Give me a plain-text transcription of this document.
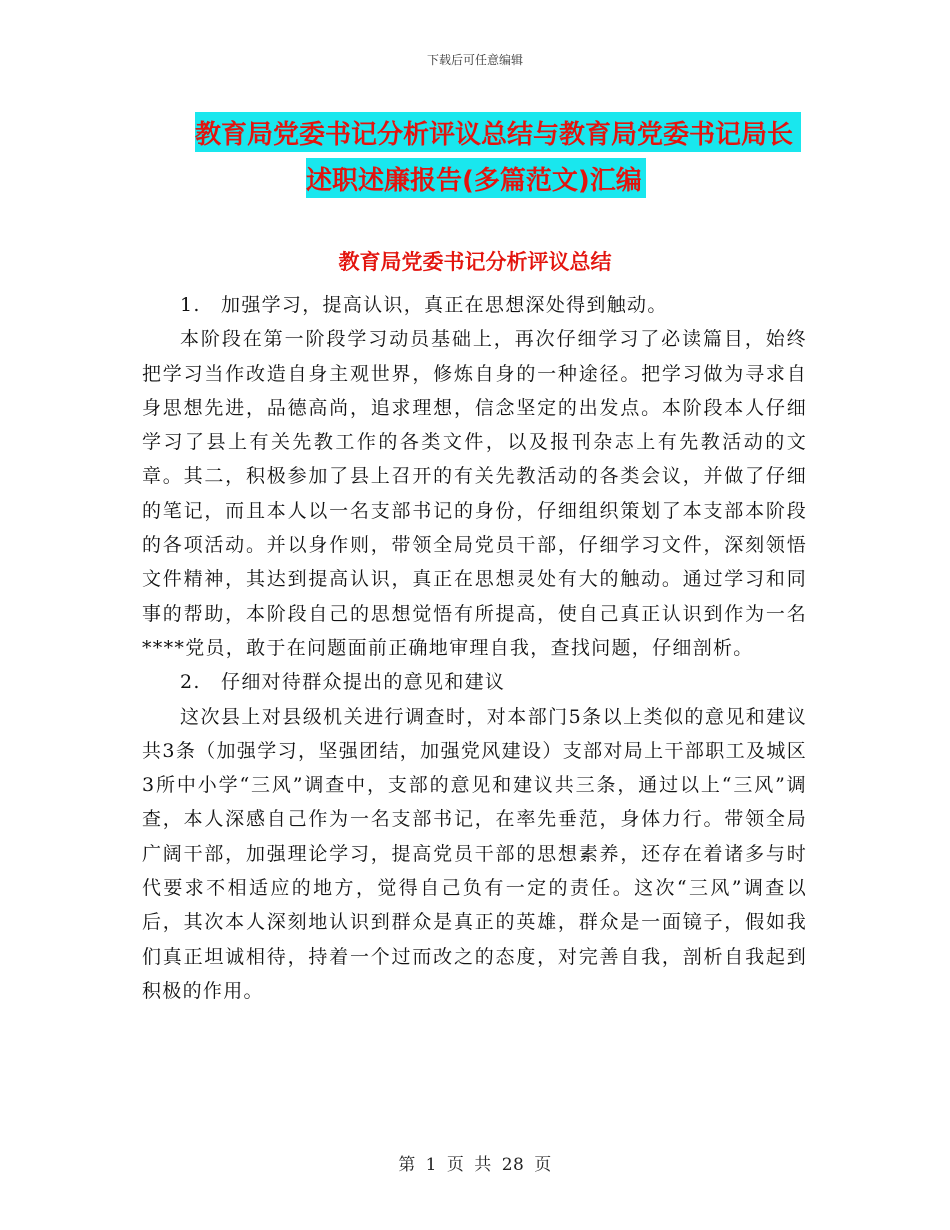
下载后可任意编辑
教育局党委书记分析评议总结与教育局党委书记局长
述职述廉报告(多篇范文)汇编
教育局党委书记分析评议总结

1.　加强学习，提高认识，真正在思想深处得到触动。

本阶段在第一阶段学习动员基础上，再次仔细学习了必读篇目，始终把学习当作改造自身主观世界，修炼自身的一种途径。把学习做为寻求自身思想先进，品德高尚，追求理想，信念坚定的出发点。本阶段本人仔细学习了县上有关先教工作的各类文件，以及报刊杂志上有先教活动的文章。其二，积极参加了县上召开的有关先教活动的各类会议，并做了仔细的笔记，而且本人以一名支部书记的身份，仔细组织策划了本支部本阶段的各项活动。并以身作则，带领全局党员干部，仔细学习文件，深刻领悟文件精神，其达到提高认识，真正在思想灵处有大的触动。通过学习和同事的帮助，本阶段自己的思想觉悟有所提高，使自己真正认识到作为一名****党员，敢于在问题面前正确地审理自我，查找问题，仔细剖析。

2.　仔细对待群众提出的意见和建议

这次县上对县级机关进行调查时，对本部门5条以上类似的意见和建议共3条（加强学习，坚强团结，加强党风建设）支部对局上干部职工及城区3所中小学“三风”调查中，支部的意见和建议共三条，通过以上“三风”调查，本人深感自己作为一名支部书记，在率先垂范，身体力行。带领全局广阔干部，加强理论学习，提高党员干部的思想素养，还存在着诸多与时代要求不相适应的地方，觉得自己负有一定的责任。这次“三风”调查以后，其次本人深刻地认识到群众是真正的英雄，群众是一面镜子，假如我们真正坦诚相待，持着一个过而改之的态度，对完善自我，剖析自我起到积极的作用。

第 1 页 共 28 页
